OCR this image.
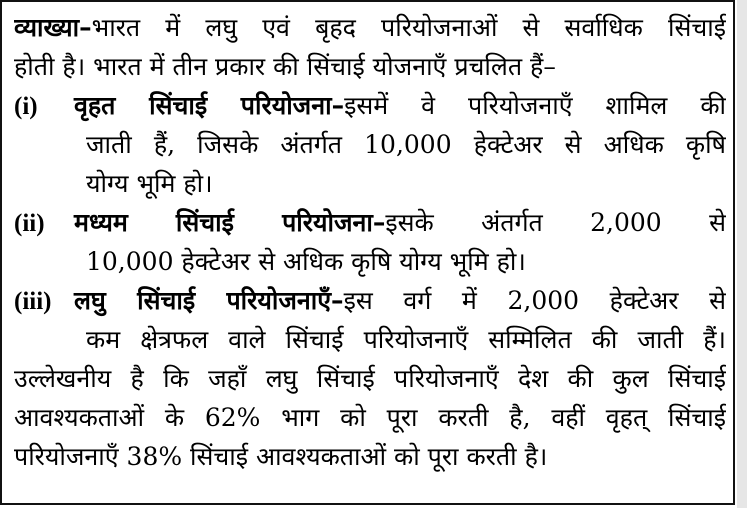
व्याख्या–भारत में लघु एवं बृहद परियोजनाओं से सर्वाधिक सिंचाई
होती है। भारत में तीन प्रकार की सिंचाई योजनाएँ प्रचलित हैं–
(i) वृहत सिंचाई परियोजना–इसमें वे परियोजनाएँ शामिल की
जाती हैं, जिसके अंतर्गत 10,000 हेक्टेअर से अधिक कृषि
योग्य भूमि हो।
(ii) मध्यम सिंचाई परियोजना–इसके अंतर्गत 2,000 से
10,000 हेक्टेअर से अधिक कृषि योग्य भूमि हो।
(iii) लघु सिंचाई परियोजनाएँ–इस वर्ग में 2,000 हेक्टेअर से
कम क्षेत्रफल वाले सिंचाई परियोजनाएँ सम्मिलित की जाती हैं।
उल्लेखनीय है कि जहाँ लघु सिंचाई परियोजनाएँ देश की कुल सिंचाई
आवश्यकताओं के 62% भाग को पूरा करती है, वहीं वृहत् सिंचाई
परियोजनाएँ 38% सिंचाई आवश्यकताओं को पूरा करती है।
